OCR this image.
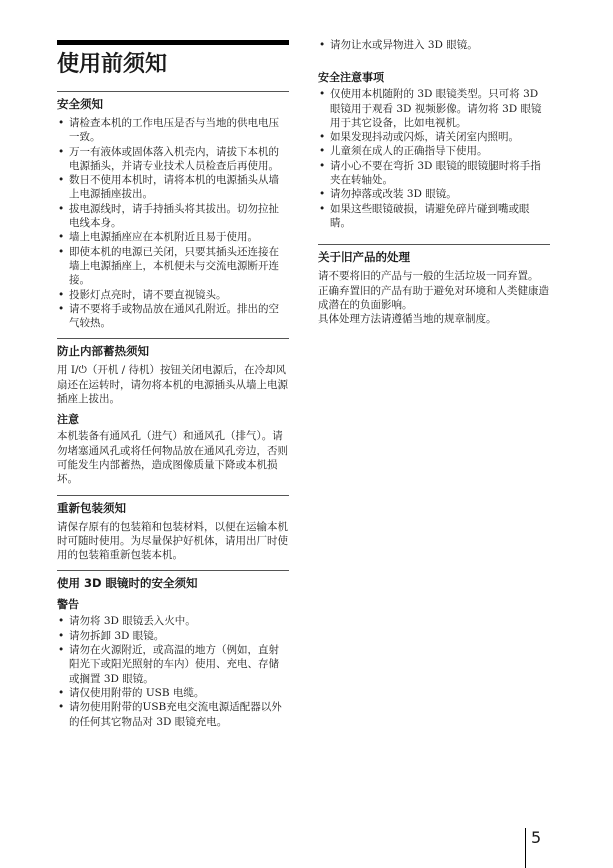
使用前须知
安全须知
• 请检查本机的工作电压是否与当地的供电电压一致。
• 万一有液体或固体落入机壳内，请拔下本机的电源插头，并请专业技术人员检查后再使用。
• 数日不使用本机时，请将本机的电源插头从墙上电源插座拔出。
• 拔电源线时，请手持插头将其拔出。切勿拉扯电线本身。
• 墙上电源插座应在本机附近且易于使用。
• 即使本机的电源已关闭，只要其插头还连接在墙上电源插座上，本机便未与交流电源断开连接。
• 投影灯点亮时，请不要直视镜头。
• 请不要将手或物品放在通风孔附近。排出的空气较热。
防止内部蓄热须知

用 I/⏻（开机 / 待机）按钮关闭电源后，在冷却风扇还在运转时，请勿将本机的电源插头从墙上电源插座上拔出。

注意

本机装备有通风孔（进气）和通风孔（排气）。请勿堵塞通风孔或将任何物品放在通风孔旁边，否则可能发生内部蓄热，造成图像质量下降或本机损坏。

重新包装须知

请保存原有的包装箱和包装材料，以便在运输本机时可随时使用。为尽量保护好机体，请用出厂时使用的包装箱重新包装本机。

使用 3D 眼镜时的安全须知
警告
• 请勿将 3D 眼镜丢入火中。
• 请勿拆卸 3D 眼镜。
• 请勿在火源附近，或高温的地方（例如，直射阳光下或阳光照射的车内）使用、充电、存储或搁置 3D 眼镜。
• 请仅使用附带的 USB 电缆。
• 请勿使用附带的USB充电交流电源适配器以外的任何其它物品对 3D 眼镜充电。
• 请勿让水或异物进入 3D 眼镜。
安全注意事项
• 仅使用本机随附的 3D 眼镜类型。只可将 3D 眼镜用于观看 3D 视频影像。请勿将 3D 眼镜用于其它设备，比如电视机。
• 如果发现抖动或闪烁，请关闭室内照明。
• 儿童须在成人的正确指导下使用。
• 请小心不要在弯折 3D 眼镜的眼镜腿时将手指夹在转轴处。
• 请勿掉落或改装 3D 眼镜。
• 如果这些眼镜破损，请避免碎片碰到嘴或眼睛。
关于旧产品的处理

请不要将旧的产品与一般的生活垃圾一同弃置。

正确弃置旧的产品有助于避免对环境和人类健康造成潜在的负面影响。

具体处理方法请遵循当地的规章制度。

5
